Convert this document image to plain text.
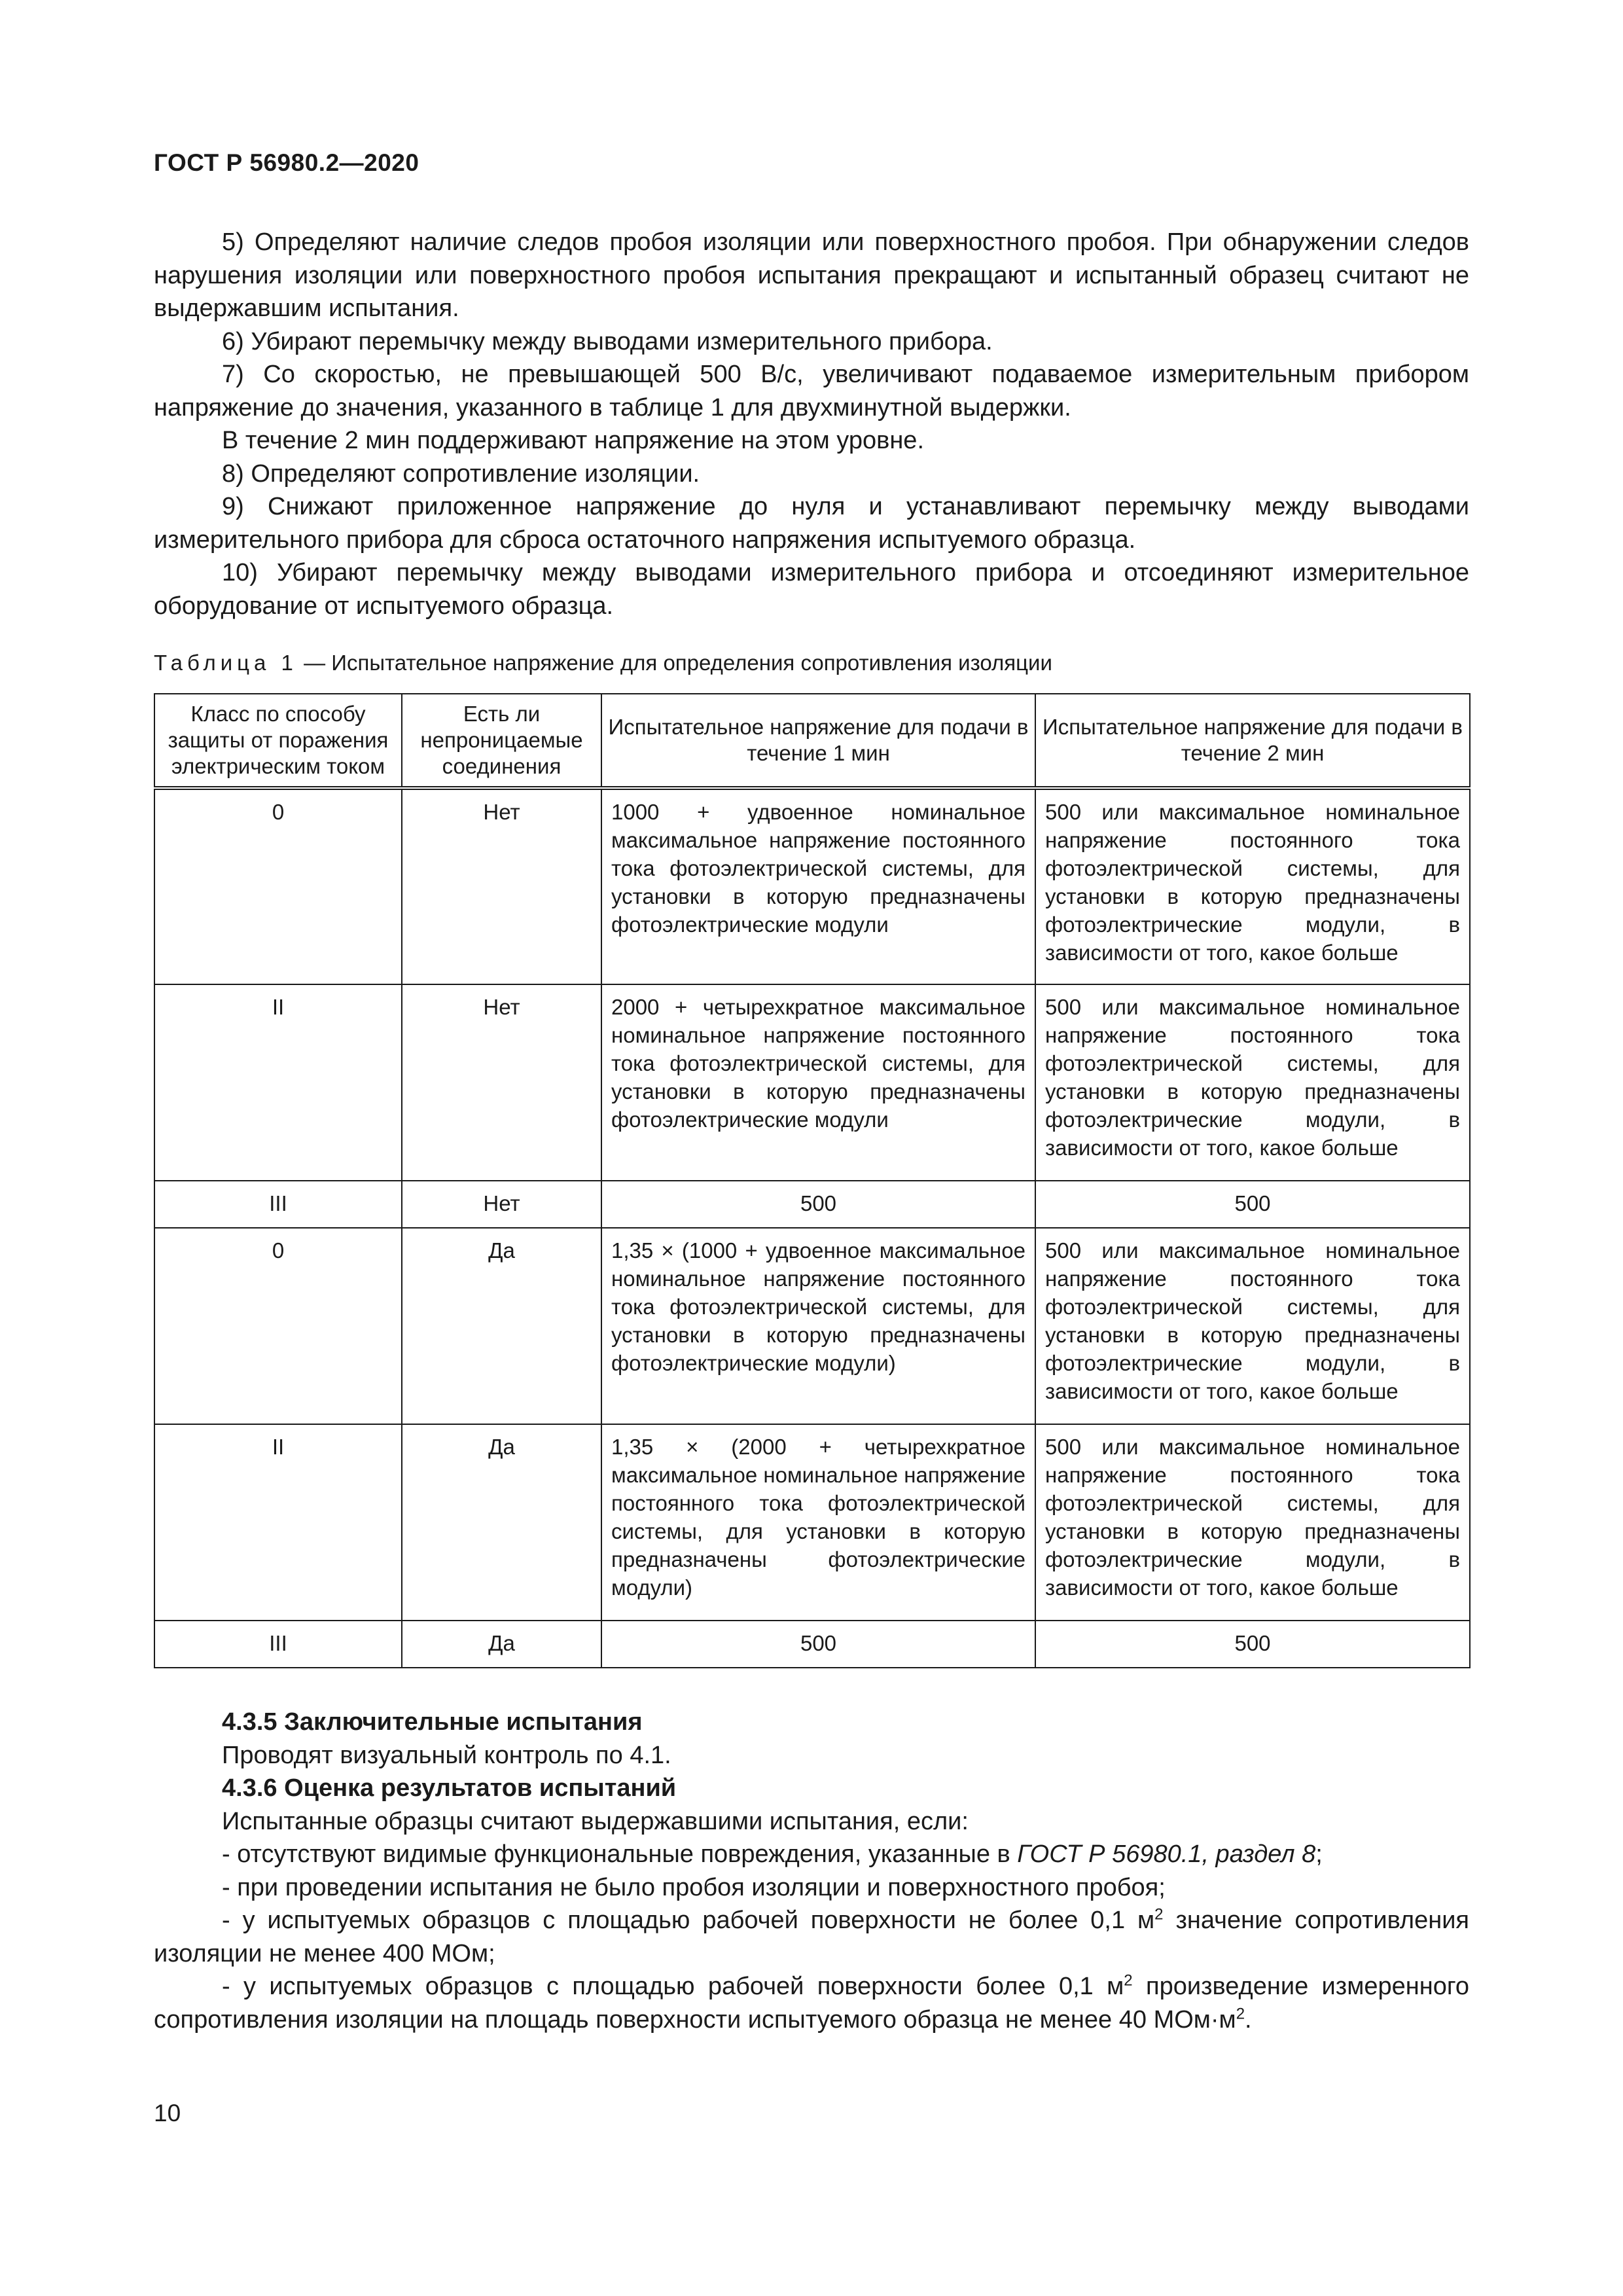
ГОСТ Р 56980.2—2020

5) Определяют наличие следов пробоя изоляции или поверхностного пробоя. При обнаружении следов нарушения изоляции или поверхностного пробоя испытания прекращают и испытанный образец считают не выдержавшим испытания.

6) Убирают перемычку между выводами измерительного прибора.

7) Со скоростью, не превышающей 500 В/с, увеличивают подаваемое измерительным прибором напряжение до значения, указанного в таблице 1 для двухминутной выдержки.

В течение 2 мин поддерживают напряжение на этом уровне.

8) Определяют сопротивление изоляции.

9) Снижают приложенное напряжение до нуля и устанавливают перемычку между выводами измерительного прибора для сброса остаточного напряжения испытуемого образца.

10) Убирают перемычку между выводами измерительного прибора и отсоединяют измерительное оборудование от испытуемого образца.

Таблица 1 — Испытательное напряжение для определения сопротивления изоляции
Класс по способу защиты от поражения электрическим током	Есть ли непроницаемые соединения	Испытательное напряжение для подачи в течение 1 мин	Испытательное напряжение для подачи в течение 2 мин
0	Нет	1000 + удвоенное номинальное максимальное напряжение постоянного тока фотоэлектрической системы, для установки в которую предназначены фотоэлектрические модули	500 или максимальное номинальное напряжение постоянного тока фотоэлектрической системы, для установки в которую предназначены фотоэлектрические модули, в зависимости от того, какое больше
II	Нет	2000 + четырехкратное максимальное номинальное напряжение постоянного тока фотоэлектрической системы, для установки в которую предназначены фотоэлектрические модули	500 или максимальное номинальное напряжение постоянного тока фотоэлектрической системы, для установки в которую предназначены фотоэлектрические модули, в зависимости от того, какое больше
III	Нет	500	500
0	Да	1,35 × (1000 + удвоенное максимальное номинальное напряжение постоянного тока фотоэлектрической системы, для установки в которую предназначены фотоэлектрические модули)	500 или максимальное номинальное напряжение постоянного тока фотоэлектрической системы, для установки в которую предназначены фотоэлектрические модули, в зависимости от того, какое больше
II	Да	1,35 × (2000 + четырехкратное максимальное номинальное напряжение постоянного тока фотоэлектрической системы, для установки в которую предназначены фотоэлектрические модули)	500 или максимальное номинальное напряжение постоянного тока фотоэлектрической системы, для установки в которую предназначены фотоэлектрические модули, в зависимости от того, какое больше
III	Да	500	500

4.3.5 Заключительные испытания

Проводят визуальный контроль по 4.1.

4.3.6 Оценка результатов испытаний

Испытанные образцы считают выдержавшими испытания, если:

- отсутствуют видимые функциональные повреждения, указанные в ГОСТ Р 56980.1, раздел 8;

- при проведении испытания не было пробоя изоляции и поверхностного пробоя;

- у испытуемых образцов с площадью рабочей поверхности не более 0,1 $м^2$ значение сопротивления изоляции не менее 400 МОм;

- у испытуемых образцов с площадью рабочей поверхности более 0,1 $м^2$ произведение измеренного сопротивления изоляции на площадь поверхности испытуемого образца не менее 40 $МОм\cdot м^2$.

10
